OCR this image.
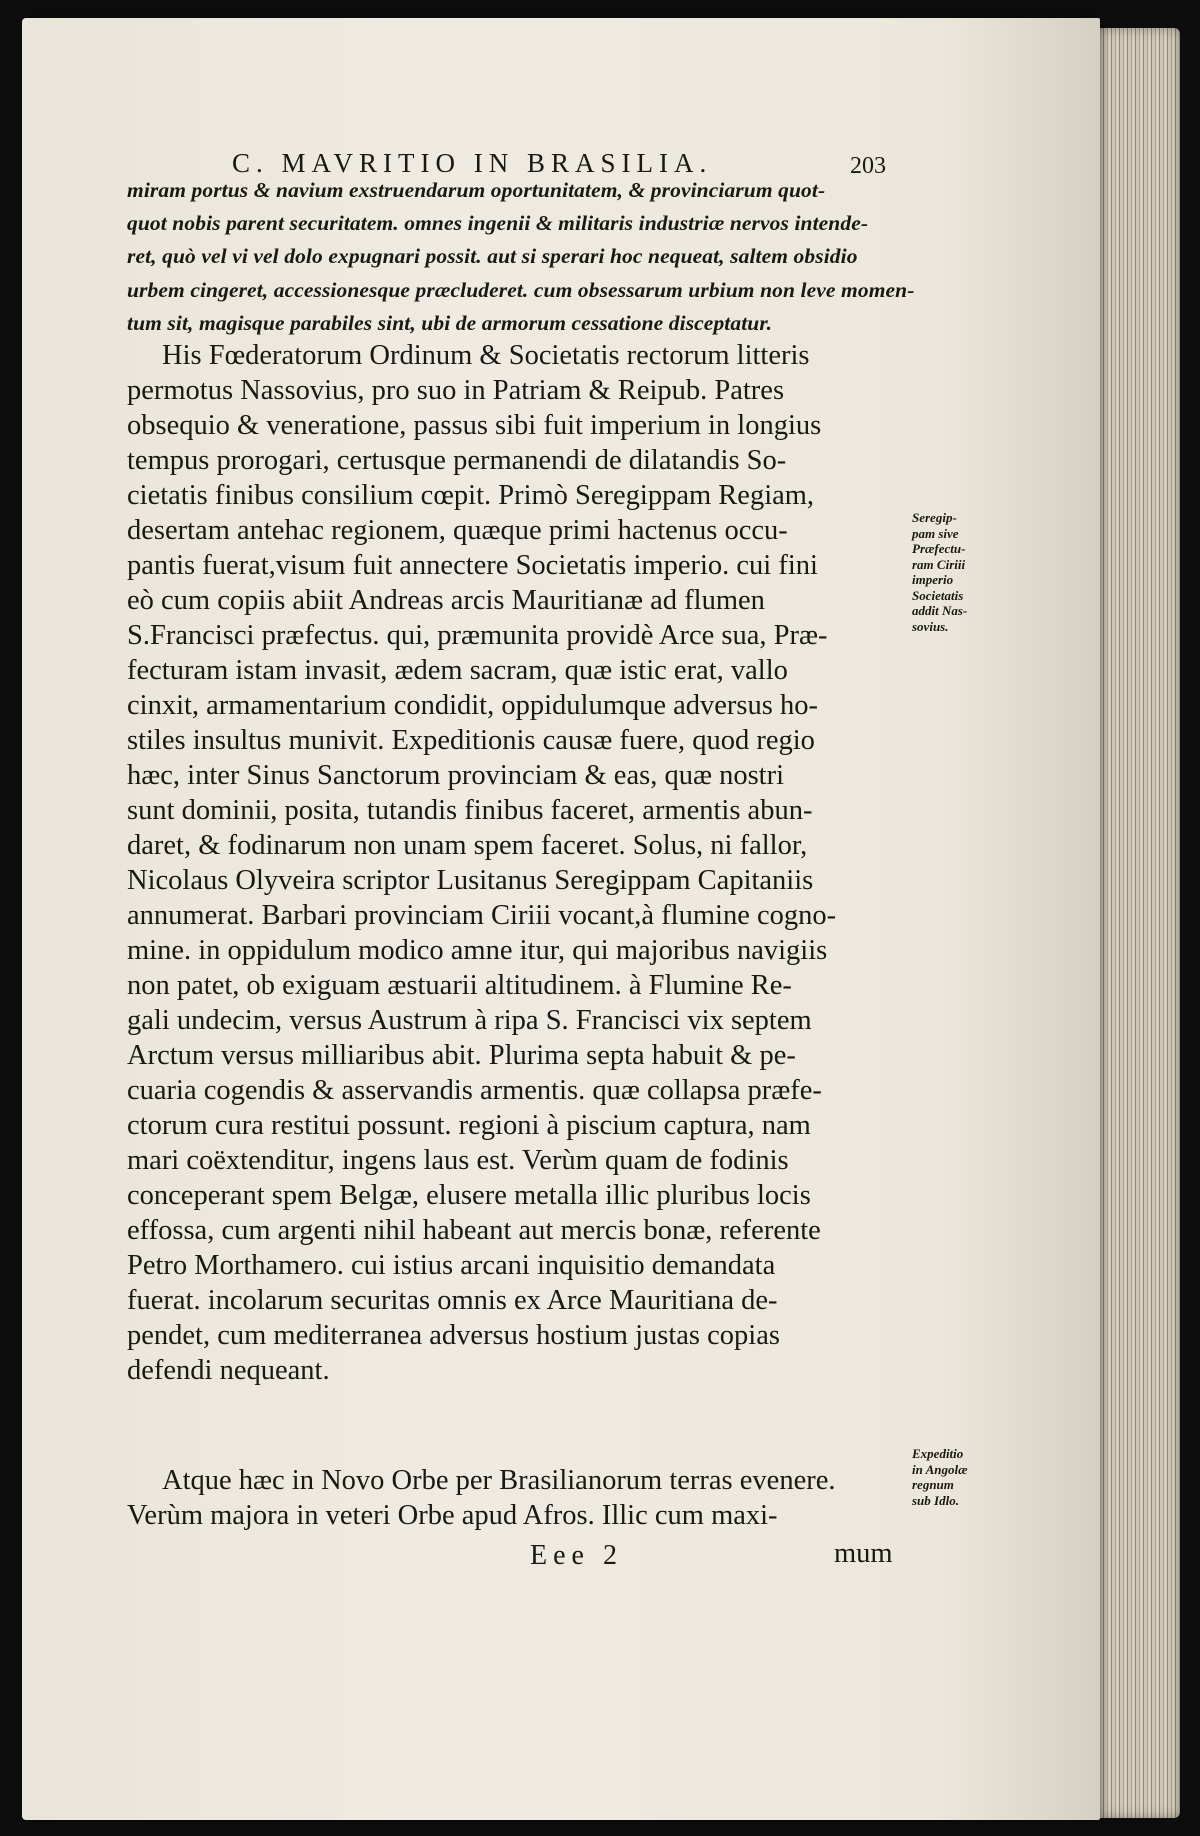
C. MAVRITIO IN BRASILIA.	203
miram portus & navium exstruendarum oportunitatem, & provinciarum quot-
quot nobis parent securitatem. omnes ingenii & militaris industriæ nervos intende-
ret, quò vel vi vel dolo expugnari possit. aut si sperari hoc nequeat, saltem obsidio
urbem cingeret, accessionesque præcluderet. cum obsessarum urbium non leve momen-
tum sit, magisque parabiles sint, ubi de armorum cessatione disceptatur.
His Fœderatorum Ordinum & Societatis rectorum litteris
permotus Nassovius, pro suo in Patriam & Reipub. Patres
obsequio & veneratione, passus sibi fuit imperium in longius
tempus prorogari, certusque permanendi de dilatandis So-
cietatis finibus consilium cœpit. Primò Seregippam Regiam,
desertam antehac regionem, quæque primi hactenus occu-
pantis fuerat,visum fuit annectere Societatis imperio. cui fini
eò cum copiis abiit Andreas arcis Mauritianæ ad flumen
S.Francisci præfectus. qui, præmunita providè Arce sua, Præ-
fecturam istam invasit, ædem sacram, quæ istic erat, vallo
cinxit, armamentarium condidit, oppidulumque adversus ho-
stiles insultus munivit. Expeditionis causæ fuere, quod regio
hæc, inter Sinus Sanctorum provinciam & eas, quæ nostri
sunt dominii, posita, tutandis finibus faceret, armentis abun-
daret, & fodinarum non unam spem faceret. Solus, ni fallor,
Nicolaus Olyveira scriptor Lusitanus Seregippam Capitaniis
annumerat. Barbari provinciam Ciriii vocant,à flumine cogno-
mine. in oppidulum modico amne itur, qui majoribus navigiis
non patet, ob exiguam æstuarii altitudinem. à Flumine Re-
gali undecim, versus Austrum à ripa S. Francisci vix septem
Arctum versus milliaribus abit. Plurima septa habuit & pe-
cuaria cogendis & asservandis armentis. quæ collapsa præfe-
ctorum cura restitui possunt. regioni à piscium captura, nam
mari coëxtenditur, ingens laus est. Verùm quam de fodinis
conceperant spem Belgæ, elusere metalla illic pluribus locis
effossa, cum argenti nihil habeant aut mercis bonæ, referente
Petro Morthamero. cui istius arcani inquisitio demandata
fuerat. incolarum securitas omnis ex Arce Mauritiana de-
pendet, cum mediterranea adversus hostium justas copias
defendi nequeant.
Atque hæc in Novo Orbe per Brasilianorum terras evenere.
Verùm majora in veteri Orbe apud Afros. Illic cum maxi-
Seregip-
pam sive
Præfectu-
ram Ciriii
imperio
Societatis
addit Nas-
sovius.
Expeditio
in Angolæ
regnum
sub Idlo.
Eee 2	mum
